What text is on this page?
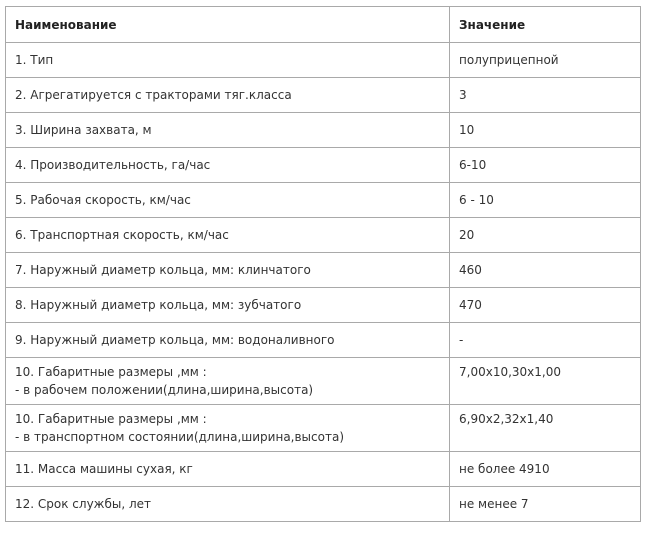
Наименование	Значение
1. Тип	полуприцепной
2. Агрегатируется с тракторами тяг.класса	3
3. Ширина захвата, м	10
4. Производительность, га/час	6-10
5. Рабочая скорость, км/час	6 - 10
6. Транспортная скорость, км/час	20
7. Наружный диаметр кольца, мм: клинчатого	460
8. Наружный диаметр кольца, мм: зубчатого	470
9. Наружный диаметр кольца, мм: водоналивного	-

10. Габаритные размеры ,мм :
- в рабочем положении(длина,ширина,высота)	7,00x10,30x1,00

10. Габаритные размеры ,мм :
- в транспортном состоянии(длина,ширина,высота)	6,90x2,32x1,40
11. Масса машины сухая, кг	не более 4910
12. Срок службы, лет	не менее 7
